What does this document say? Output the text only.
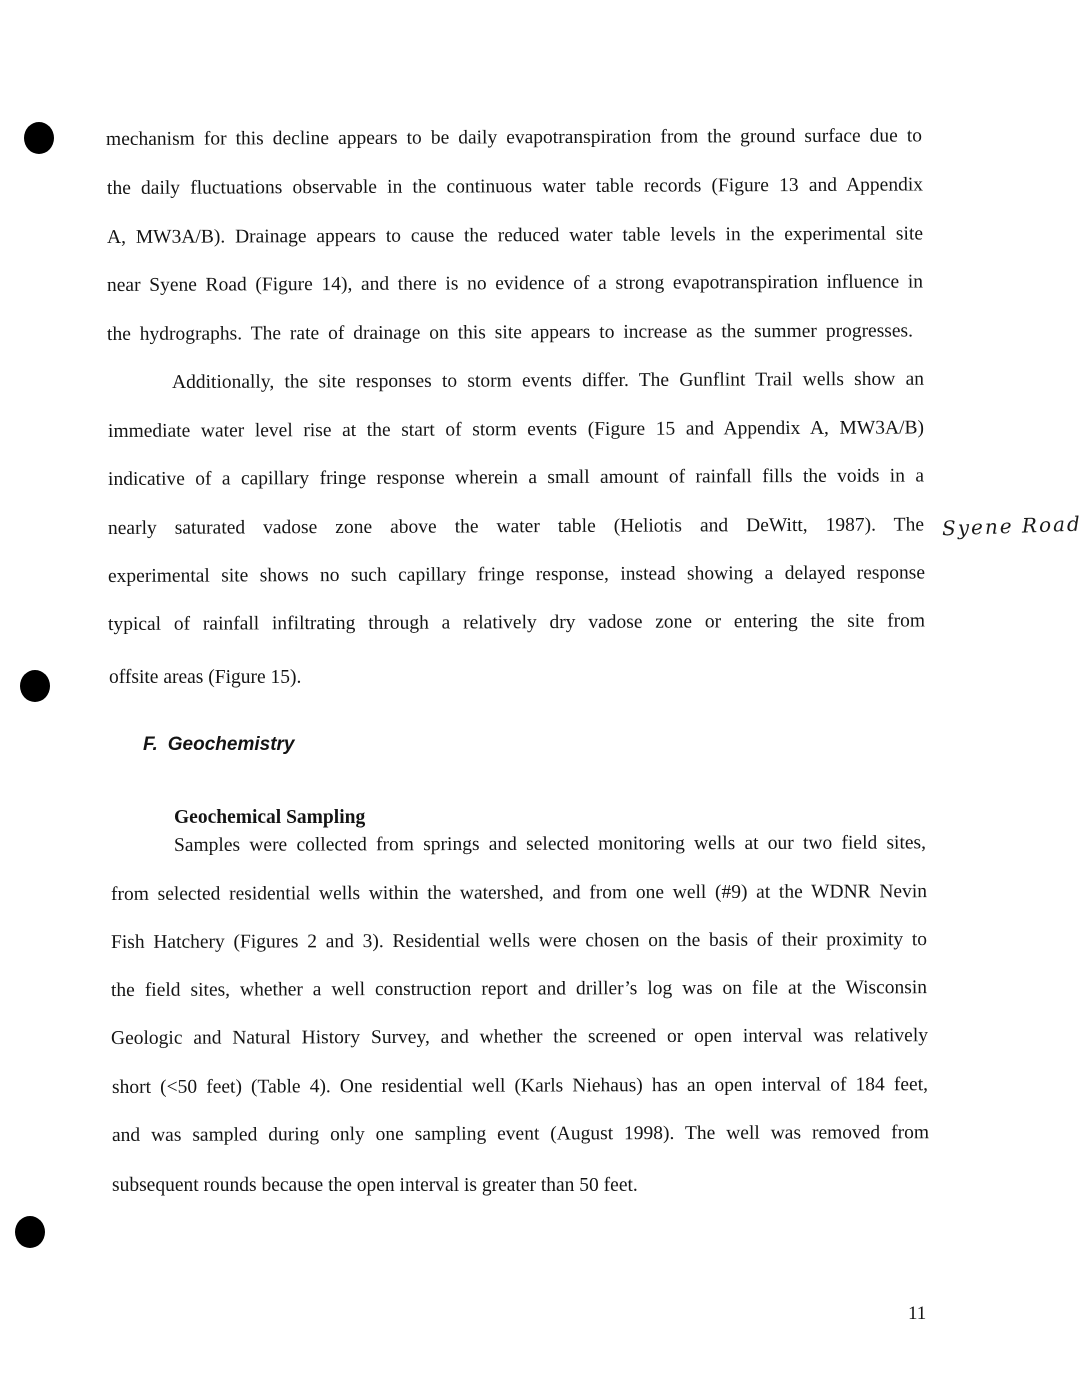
mechanism for this decline appears to be daily evapotranspiration from the ground surface due to
the daily fluctuations observable in the continuous water table records (Figure 13 and Appendix
A, MW3A/B). Drainage appears to cause the reduced water table levels in the experimental site
near Syene Road (Figure 14), and there is no evidence of a strong evapotranspiration influence in
the hydrographs. The rate of drainage on this site appears to increase as the summer progresses.
Additionally, the site responses to storm events differ. The Gunflint Trail wells show an
immediate water level rise at the start of storm events (Figure 15 and Appendix A, MW3A/B)
indicative of a capillary fringe response wherein a small amount of rainfall fills the voids in a
nearly saturated vadose zone above the water table (Heliotis and DeWitt, 1987). The
experimental site shows no such capillary fringe response, instead showing a delayed response
typical of rainfall infiltrating through a relatively dry vadose zone or entering the site from
offsite areas (Figure 15).
Syene Road
F. Geochemistry
Geochemical Sampling
Samples were collected from springs and selected monitoring wells at our two field sites,
from selected residential wells within the watershed, and from one well (#9) at the WDNR Nevin
Fish Hatchery (Figures 2 and 3). Residential wells were chosen on the basis of their proximity to
the field sites, whether a well construction report and driller’s log was on file at the Wisconsin
Geologic and Natural History Survey, and whether the screened or open interval was relatively
short (<50 feet) (Table 4). One residential well (Karls Niehaus) has an open interval of 184 feet,
and was sampled during only one sampling event (August 1998). The well was removed from
subsequent rounds because the open interval is greater than 50 feet.
11
